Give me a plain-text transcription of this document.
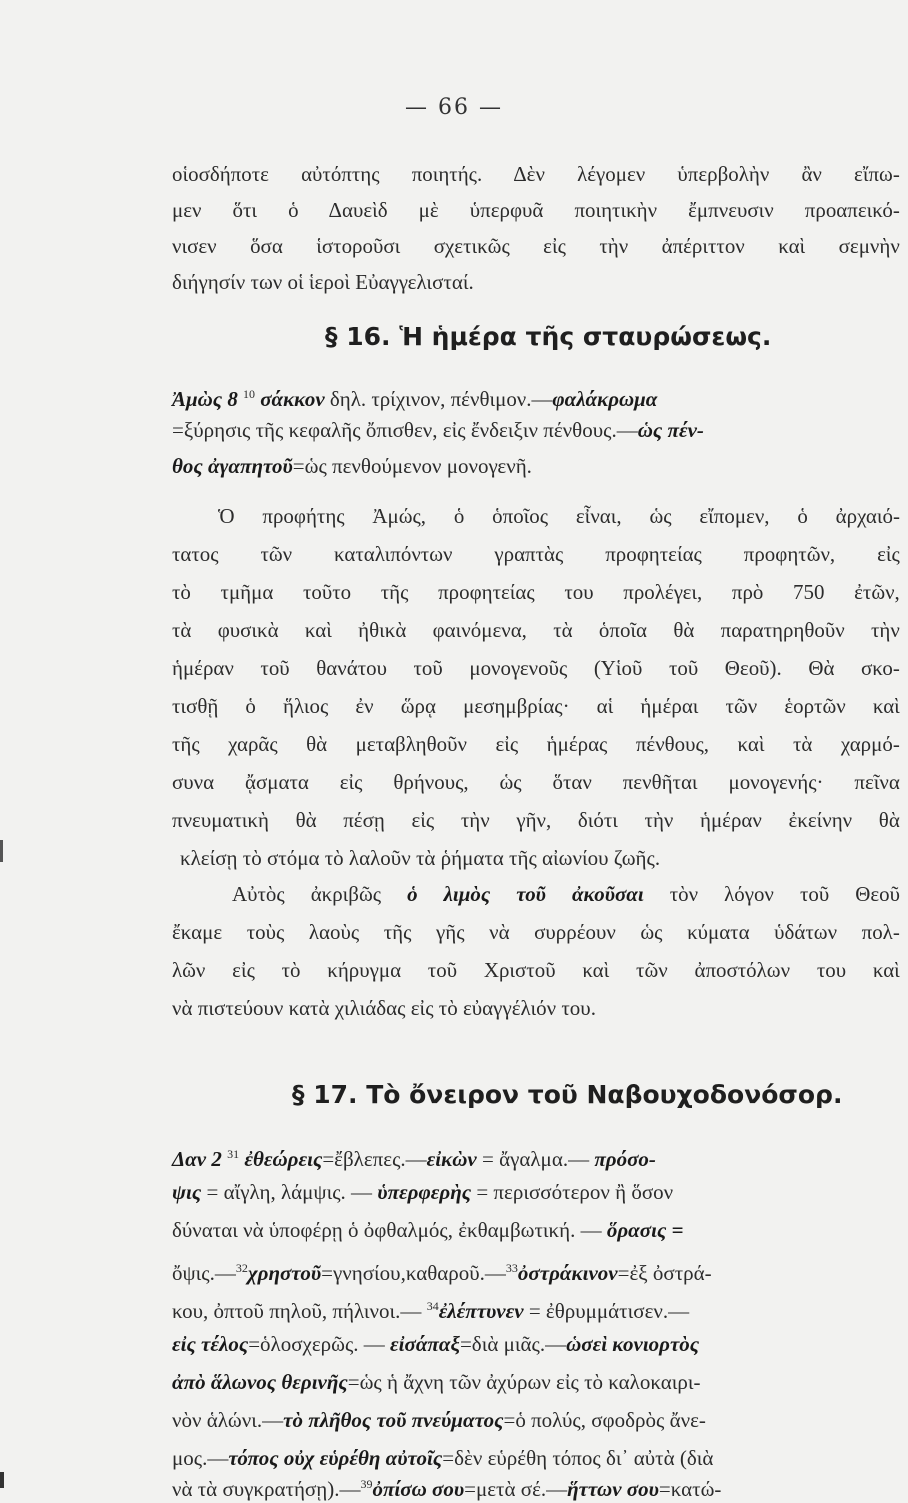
— 66 —
οἱοσδήποτε αὐτόπτης ποιητής. Δὲν λέγομεν ὑπερβολὴν ἂν εἴπω-
μεν ὅτι ὁ Δαυεὶδ μὲ ὑπερφυᾶ ποιητικὴν ἔμπνευσιν προαπεικό-
νισεν ὅσα ἱστοροῦσι σχετικῶς εἰς τὴν ἀπέριττον καὶ σεμνὴν
διήγησίν των οἱ ἱεροὶ Εὐαγγελισταί.
§ 16. Ἡ ἡμέρα τῆς σταυρώσεως.
Ἀμὼς 8 $^{10}$ σάκκον δηλ. τρίχινον, πένθιμον.—φαλάκρωμα
=ξύρησις τῆς κεφαλῆς ὄπισθεν, εἰς ἔνδειξιν πένθους.—ὡς πέν-
θος ἀγαπητοῦ=ὡς πενθούμενον μονογενῆ.
Ὁ προφήτης Ἀμώς, ὁ ὁποῖος εἶναι, ὡς εἴπομεν, ὁ ἀρχαιό-
τατος τῶν καταλιπόντων γραπτὰς προφητείας προφητῶν, εἰς
τὸ τμῆμα τοῦτο τῆς προφητείας του προλέγει, πρὸ 750 ἐτῶν,
τὰ φυσικὰ καὶ ἠθικὰ φαινόμενα, τὰ ὁποῖα θὰ παρατηρηθοῦν τὴν
ἡμέραν τοῦ θανάτου τοῦ μονογενοῦς (Υἱοῦ τοῦ Θεοῦ). Θὰ σκο-
τισθῇ ὁ ἥλιος ἐν ὥρᾳ μεσημβρίας· αἱ ἡμέραι τῶν ἑορτῶν καὶ
τῆς χαρᾶς θὰ μεταβληθοῦν εἰς ἡμέρας πένθους, καὶ τὰ χαρμό-
συνα ᾄσματα εἰς θρήνους, ὡς ὅταν πενθῆται μονογενής· πεῖνα
πνευματικὴ θὰ πέσῃ εἰς τὴν γῆν, διότι τὴν ἡμέραν ἐκείνην θὰ
κλείσῃ τὸ στόμα τὸ λαλοῦν τὰ ῥήματα τῆς αἰωνίου ζωῆς.
Αὐτὸς ἀκριβῶς ὁ λιμὸς τοῦ ἀκοῦσαι τὸν λόγον τοῦ Θεοῦ
ἔκαμε τοὺς λαοὺς τῆς γῆς νὰ συρρέουν ὡς κύματα ὑδάτων πολ-
λῶν εἰς τὸ κήρυγμα τοῦ Χριστοῦ καὶ τῶν ἀποστόλων του καὶ
νὰ πιστεύουν κατὰ χιλιάδας εἰς τὸ εὐαγγέλιόν του.
§ 17. Τὸ ὄνειρον τοῦ Ναβουχοδονόσορ.
Δαν 2 $^{31}$ ἐθεώρεις=ἔβλεπες.—εἰκὼν = ἄγαλμα.— πρόσο-
ψις = αἴγλη, λάμψις. — ὑπερφερὴς = περισσότερον ἢ ὅσον
δύναται νὰ ὑποφέρῃ ὁ ὀφθαλμός, ἐκθαμβωτική. — ὅρασις =
ὄψις.—$^{32}$χρηστοῦ=γνησίου,καθαροῦ.—$^{33}$ὀστράκινον=ἐξ ὀστρά-
κου, ὀπτοῦ πηλοῦ, πήλινοι.— $^{34}$ἐλέπτυνεν = ἐθρυμμάτισεν.—
εἰς τέλος=ὁλοσχερῶς. — εἰσάπαξ=διὰ μιᾶς.—ὡσεὶ κονιορτὸς
ἀπὸ ἅλωνος θερινῆς=ὡς ἡ ἄχνη τῶν ἀχύρων εἰς τὸ καλοκαιρι-
νὸν ἁλώνι.—τὸ πλῆθος τοῦ πνεύματος=ὁ πολύς, σφοδρὸς ἄνε-
μος.—τόπος οὐχ εὑρέθη αὐτοῖς=δὲν εὑρέθη τόπος δι᾽ αὐτὰ (διὰ
νὰ τὰ συγκρατήσῃ).—$^{39}$ὀπίσω σου=μετὰ σέ.—ἥττων σου=κατώ-
